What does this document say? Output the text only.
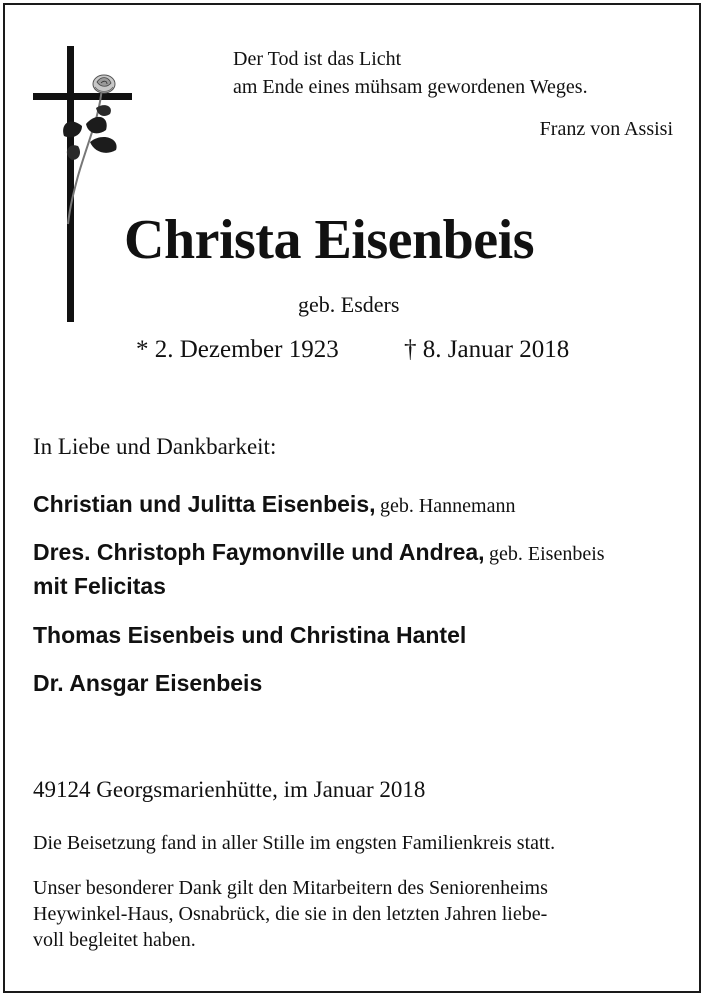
Der Tod ist das Licht
am Ende eines mühsam gewordenen Weges.
Franz von Assisi
Christa Eisenbeis
geb. Esders
* 2. Dezember 1923	† 8. Januar 2018
In Liebe und Dankbarkeit:
Christian und Julitta Eisenbeis, geb. Hannemann
Dres. Christoph Faymonville und Andrea, geb. Eisenbeis
mit Felicitas
Thomas Eisenbeis und Christina Hantel
Dr. Ansgar Eisenbeis
49124 Georgsmarienhütte, im Januar 2018
Die Beisetzung fand in aller Stille im engsten Familienkreis statt.
Unser besonderer Dank gilt den Mitarbeitern des Seniorenheims
Heywinkel-Haus, Osnabrück, die sie in den letzten Jahren liebe-
voll begleitet haben.
